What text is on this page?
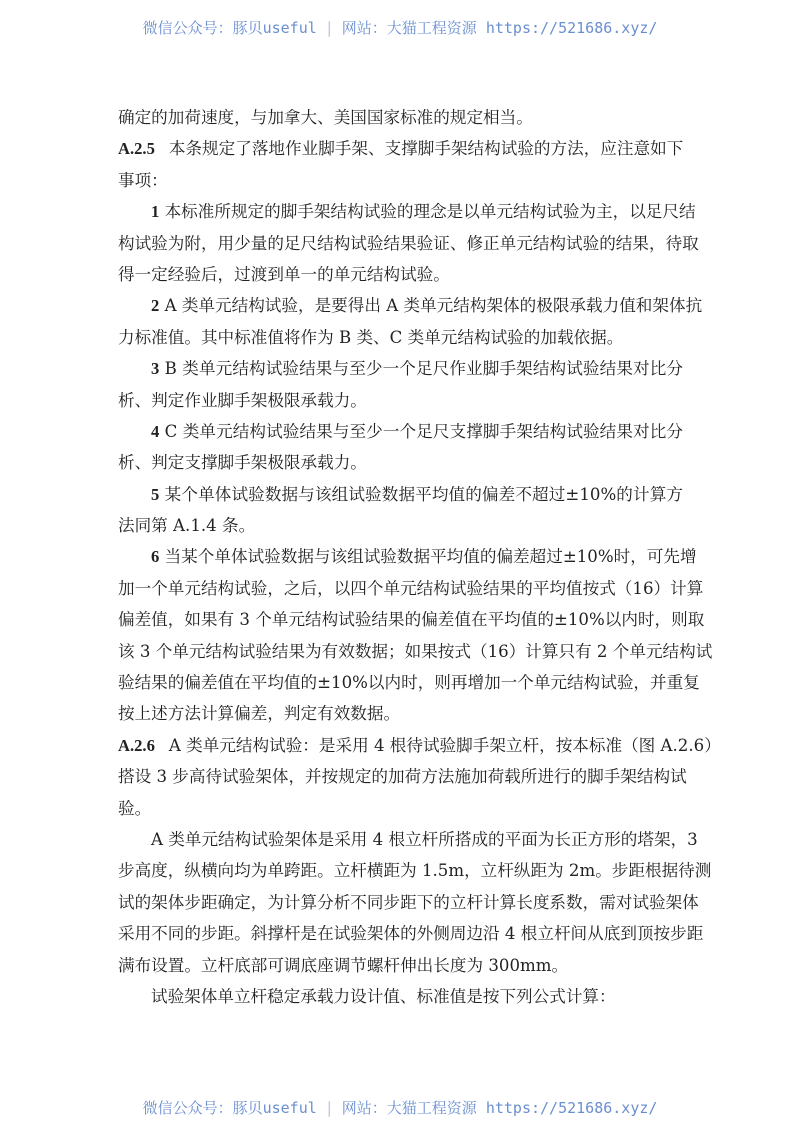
微信公众号：豚贝useful | 网站：大猫工程资源 https://521686.xyz/
确定的加荷速度，与加拿大、美国国家标准的规定相当。
A.2.5 本条规定了落地作业脚手架、支撑脚手架结构试验的方法，应注意如下
事项：
1 本标准所规定的脚手架结构试验的理念是以单元结构试验为主，以足尺结
构试验为附，用少量的足尺结构试验结果验证、修正单元结构试验的结果，待取
得一定经验后，过渡到单一的单元结构试验。
2 A 类单元结构试验，是要得出 A 类单元结构架体的极限承载力值和架体抗
力标准值。其中标准值将作为 B 类、C 类单元结构试验的加载依据。
3 B 类单元结构试验结果与至少一个足尺作业脚手架结构试验结果对比分
析、判定作业脚手架极限承载力。
4 C 类单元结构试验结果与至少一个足尺支撑脚手架结构试验结果对比分
析、判定支撑脚手架极限承载力。
5 某个单体试验数据与该组试验数据平均值的偏差不超过±10%的计算方
法同第 A.1.4 条。
6 当某个单体试验数据与该组试验数据平均值的偏差超过±10%时，可先增
加一个单元结构试验，之后，以四个单元结构试验结果的平均值按式（16）计算
偏差值，如果有 3 个单元结构试验结果的偏差值在平均值的±10%以内时，则取
该 3 个单元结构试验结果为有效数据；如果按式（16）计算只有 2 个单元结构试
验结果的偏差值在平均值的±10%以内时，则再增加一个单元结构试验，并重复
按上述方法计算偏差，判定有效数据。
A.2.6 A 类单元结构试验：是采用 4 根待试验脚手架立杆，按本标准（图 A.2.6）
搭设 3 步高待试验架体，并按规定的加荷方法施加荷载所进行的脚手架结构试
验。
A 类单元结构试验架体是采用 4 根立杆所搭成的平面为长正方形的塔架，3
步高度，纵横向均为单跨距。立杆横距为 1.5m，立杆纵距为 2m。步距根据待测
试的架体步距确定，为计算分析不同步距下的立杆计算长度系数，需对试验架体
采用不同的步距。斜撑杆是在试验架体的外侧周边沿 4 根立杆间从底到顶按步距
满布设置。立杆底部可调底座调节螺杆伸出长度为 300mm。
试验架体单立杆稳定承载力设计值、标准值是按下列公式计算：
微信公众号：豚贝useful | 网站：大猫工程资源 https://521686.xyz/
